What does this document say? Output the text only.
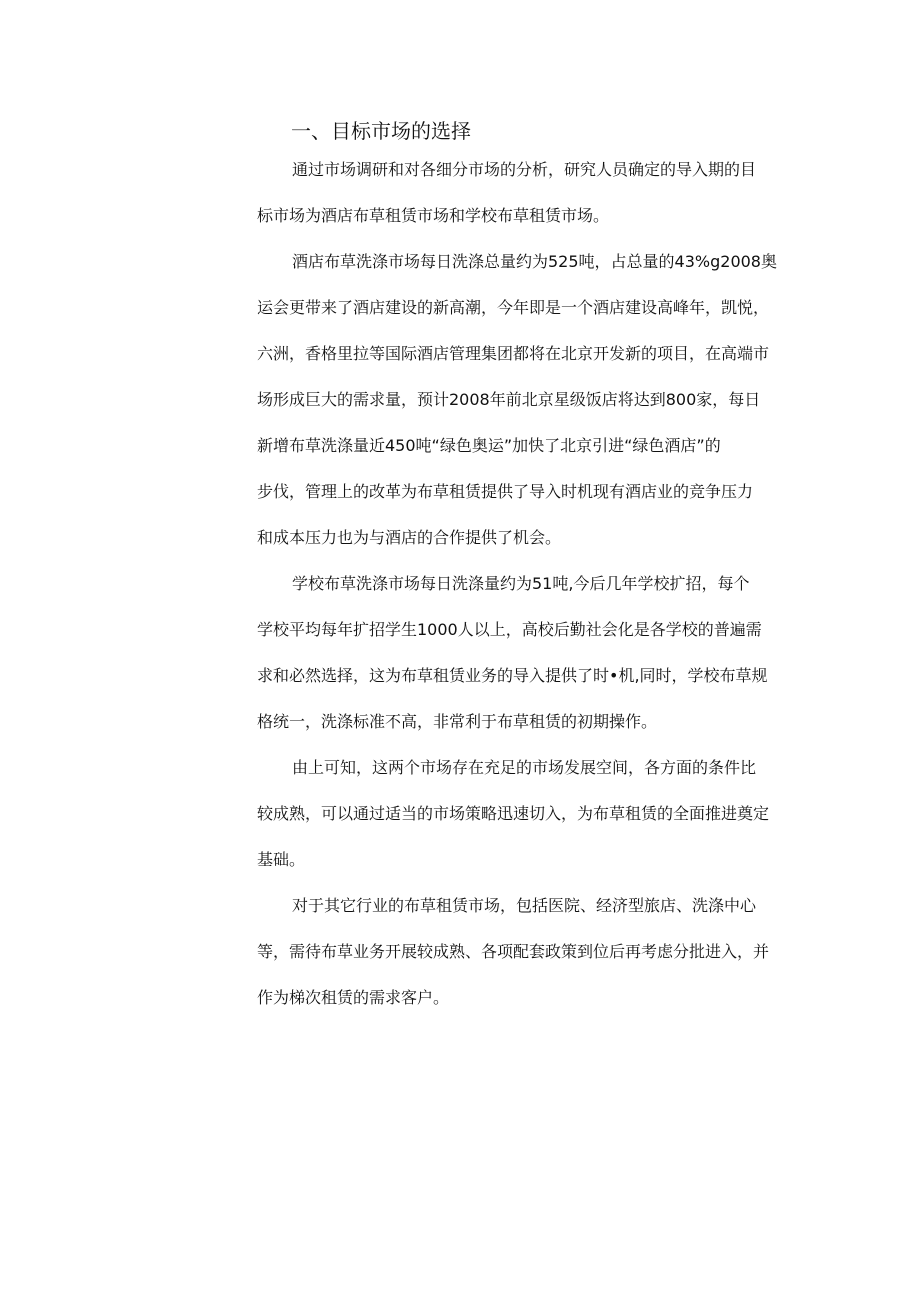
一、目标市场的选择

通过市场调研和对各细分市场的分析，研究人员确定的导入期的目
标市场为酒店布草租赁市场和学校布草租赁市场。

酒店布草洗涤市场每日洗涤总量约为525吨，占总量的43%g2008奥
运会更带来了酒店建设的新高潮，今年即是一个酒店建设高峰年，凯悦，
六洲，香格里拉等国际酒店管理集团都将在北京开发新的项目，在高端市
场形成巨大的需求量，预计2008年前北京星级饭店将达到800家，每日
新增布草洗涤量近450吨“绿色奥运”加快了北京引进“绿色酒店”的
步伐，管理上的改革为布草租赁提供了导入时机现有酒店业的竞争压力
和成本压力也为与酒店的合作提供了机会。

学校布草洗涤市场每日洗涤量约为51吨,今后几年学校扩招，每个
学校平均每年扩招学生1000人以上，高校后勤社会化是各学校的普遍需
求和必然选择，这为布草租赁业务的导入提供了时•机,同时，学校布草规
格统一，洗涤标准不高，非常利于布草租赁的初期操作。

由上可知，这两个市场存在充足的市场发展空间，各方面的条件比
较成熟，可以通过适当的市场策略迅速切入，为布草租赁的全面推进奠定
基础。

对于其它行业的布草租赁市场，包括医院、经济型旅店、洗涤中心
等，需待布草业务开展较成熟、各项配套政策到位后再考虑分批进入，并
作为梯次租赁的需求客户。
